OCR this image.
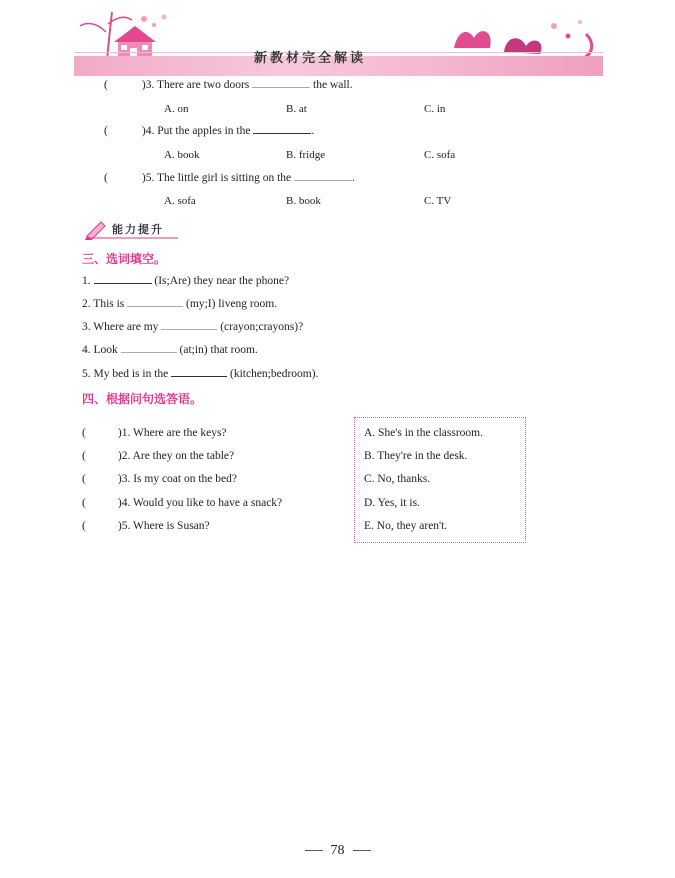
新教材完全解读
(	)3. There are two doors	the wall.
A. on	B. at	C. in
(	)4. Put the apples in the	.
A. book	B. fridge	C. sofa
(	)5. The little girl is sitting on the	.
A. sofa	B. book	C. TV
能力提升
三、选词填空。
1.	(Is;Are) they near the phone?
2. This is	(my;I) liveng room.
3. Where are my	(crayon;crayons)?
4. Look	(at;in) that room.
5. My bed is in the	(kitchen;bedroom).
四、根据问句选答语。
(	)1. Where are the keys?
(	)2. Are they on the table?
(	)3. Is my coat on the bed?
(	)4. Would you like to have a snack?
(	)5. Where is Susan?
A. She's in the classroom.
B. They're in the desk.
C. No, thanks.
D. Yes, it is.
E. No, they aren't.
78
